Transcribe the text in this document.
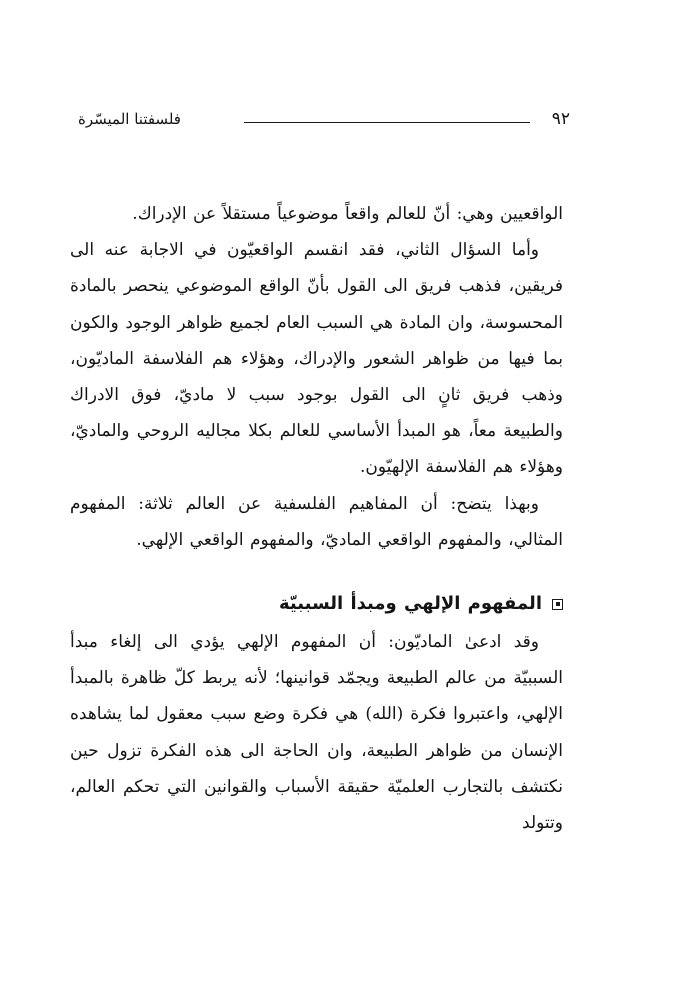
٩٢
فلسفتنا الميسّرة

الواقعيين وهي: أنّ للعالم واقعاً موضوعياً مستقلاً عن الإدراك.

وأما السؤال الثاني، فقد انقسم الواقعيّون في الاجابة عنه الى فريقين، فذهب فريق الى القول بأنّ الواقع الموضوعي ينحصر بالمادة المحسوسة، وان المادة هي السبب العام لجميع ظواهر الوجود والكون بما فيها من ظواهر الشعور والإدراك، وهؤلاء هم الفلاسفة الماديّون، وذهب فريق ثانٍ الى القول بوجود سبب لا ماديّ، فوق الادراك والطبيعة معاً، هو المبدأ الأساسي للعالم بكلا مجاليه الروحي والماديّ، وهؤلاء هم الفلاسفة الإلهيّون.

وبهذا يتضح: أن المفاهيم الفلسفية عن العالم ثلاثة: المفهوم المثالي، والمفهوم الواقعي الماديّ، والمفهوم الواقعي الإلهي.

المفهوم الإلهي ومبدأ السببيّة

وقد ادعىٰ الماديّون: أن المفهوم الإلهي يؤدي الى إلغاء مبدأ السببيّة من عالم الطبيعة ويجمّد قوانينها؛ لأنه يربط كلّ ظاهرة بالمبدأ الإلهي، واعتبروا فكرة (الله) هي فكرة وضع سبب معقول لما يشاهده الإنسان من ظواهر الطبيعة، وان الحاجة الى هذه الفكرة تزول حين نكتشف بالتجارب العلميّة حقيقة الأسباب والقوانين التي تحكم العالم، وتتولد
